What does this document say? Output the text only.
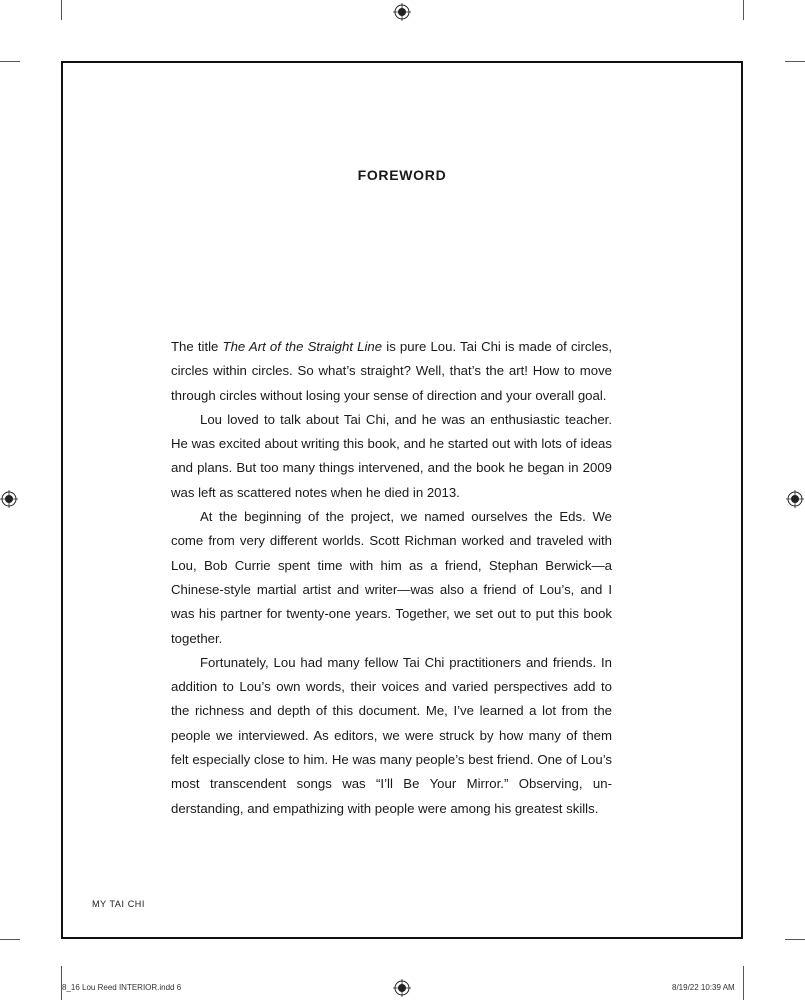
FOREWORD

The title The Art of the Straight Line is pure Lou. Tai Chi is made of circles, circles within circles. So what’s straight? Well, that’s the art! How to move through circles without losing your sense of direction and your overall goal.

Lou loved to talk about Tai Chi, and he was an enthusiastic teacher. He was excited about writing this book, and he started out with lots of ideas and plans. But too many things intervened, and the book he began in 2009 was left as scattered notes when he died in 2013.

At the beginning of the project, we named ourselves the Eds. We come from very different worlds. Scott Richman worked and traveled with Lou, Bob Currie spent time with him as a friend, Stephan Berwick—a Chinese-style martial artist and writer—was also a friend of Lou’s, and I was his partner for twenty-one years. Together, we set out to put this book together.

Fortunately, Lou had many fellow Tai Chi practitioners and friends. In addition to Lou’s own words, their voices and varied perspectives add to the richness and depth of this document. Me, I’ve learned a lot from the people we interviewed. As editors, we were struck by how many of them felt especially close to him. He was many people’s best friend. One of Lou’s most transcendent songs was “I’ll Be Your Mirror.” Observing, understanding, and empathizing with people were among his greatest skills.

MY TAI CHI

8_16 Lou Reed INTERIOR.indd 6	8/19/22 10:39 AM
